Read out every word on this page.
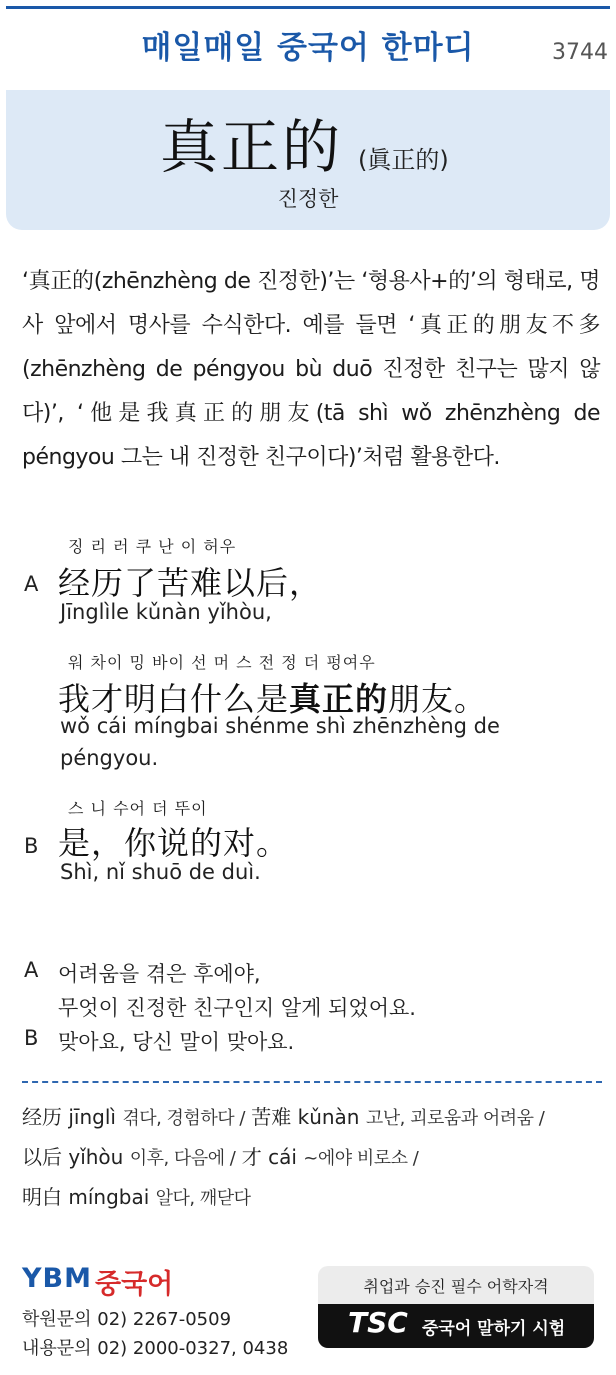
매일매일 중국어 한마디	3744
真正的 (眞正的)
진정한
‘真正的(zhēnzhèng de 진정한)’는 ‘형용사+的’의 형태로, 명사 앞에서 명사를 수식한다. 예를 들면 ‘真正的朋友不多(zhēnzhèng de péngyou bù duō 진정한 친구는 많지 않다)’, ‘他是我真正的朋友(tā shì wǒ zhēnzhèng de péngyou 그는 내 진정한 친구이다)’처럼 활용한다.
징 리 러 쿠 난 이 허우
A 经历了苦难以后，
Jīnglìle kǔnàn yǐhòu,
워 차이 밍 바이 선 머 스 전 정 더 펑여우
我才明白什么是真正的朋友。
wǒ cái míngbai shénme shì zhēnzhèng de
péngyou.
스 니 수어 더 뚜이
B 是，你说的对。
Shì, nǐ shuō de duì.
A 어려움을 겪은 후에야,
무엇이 진정한 친구인지 알게 되었어요.
B 맞아요, 당신 말이 맞아요.
经历 jīnglì 겪다, 경험하다 / 苦难 kǔnàn 고난, 괴로움과 어려움 /
以后 yǐhòu 이후, 다음에 / 才 cái ~에야 비로소 /
明白 míngbai 알다, 깨닫다
YBM 중국어
학원문의 02) 2267-0509
내용문의 02) 2000-0327, 0438
취업과 승진 필수 어학자격
TSC 중국어 말하기 시험
